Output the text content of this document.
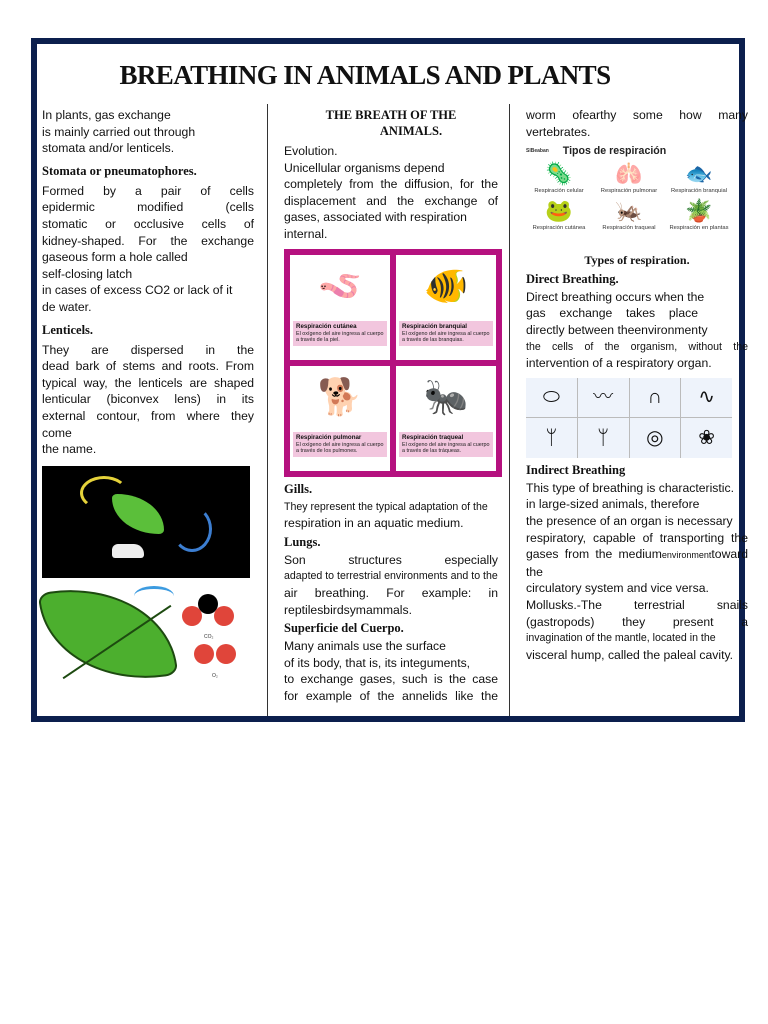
BREATHING IN ANIMALS AND PLANTS
In plants, gas exchange
is mainly carried out through
stomata and/or lenticels.
Stomata or pneumatophores.
Formed by a pair of cells
epidermic modified (cells
stomatic or occlusive cells of
kidney-shaped. For the exchange
gaseous form a hole called
self-closing latch
in cases of excess CO2 or lack of it
de water.
Lenticels.
They are dispersed in the
dead bark of stems and roots. From
typical way, the lenticels are shaped
lenticular (biconvex lens) in its
external contour, from where they come
the name.
CO₂
O₂
THE BREATH OF THE
ANIMALS.
Evolution.
Unicellular organisms depend
completely from the diffusion, for the
displacement and the exchange of
gases, associated with respiration
internal.
🪱
Respiración cutánea
El oxígeno del aire ingresa al cuerpo a través de la piel.
🐠
Respiración branquial
El oxígeno del aire ingresa al cuerpo a través de las branquias.
🐕
Respiración pulmonar
El oxígeno del aire ingresa al cuerpo a través de los pulmones.
🐜
Respiración traqueal
El oxígeno del aire ingresa al cuerpo a través de las tráqueas.
Gills.
They represent the typical adaptation of the
respiration in an aquatic medium.
Lungs.
Son structures especially
adapted to terrestrial environments and to the
air breathing. For example: in
reptilesbirdsymammals.
Superficie del Cuerpo.
Many animals use the surface
of its body, that is, its integuments,
to exchange gases, such is the case
for example of the annelids like the
worm ofearthy some how many
vertebrates.
SlBeaban Tipos de respiración
🦠
Respiración celular
🫁
Respiración pulmonar
🐟
Respiración branquial
🐸
Respiración cutánea
🦗
Respiración traqueal
🪴
Respiración en plantas
Types of respiration.
Direct Breathing.
Direct breathing occurs when the
gas exchange takes place
directly between theenvironmenty
the cells of the organism, without the
intervention of a respiratory organ.
⬭	〰	∩	∿
ᛘ	ᛘ	◎	❀
Indirect Breathing
This type of breathing is characteristic.
in large-sized animals, therefore
the presence of an organ is necessary
respiratory, capable of transporting the
gases from the mediumenvironmenttoward the
circulatory system and vice versa.
Mollusks.-The terrestrial snails
(gastropods) they present a
invagination of the mantle, located in the
visceral hump, called the paleal cavity.
